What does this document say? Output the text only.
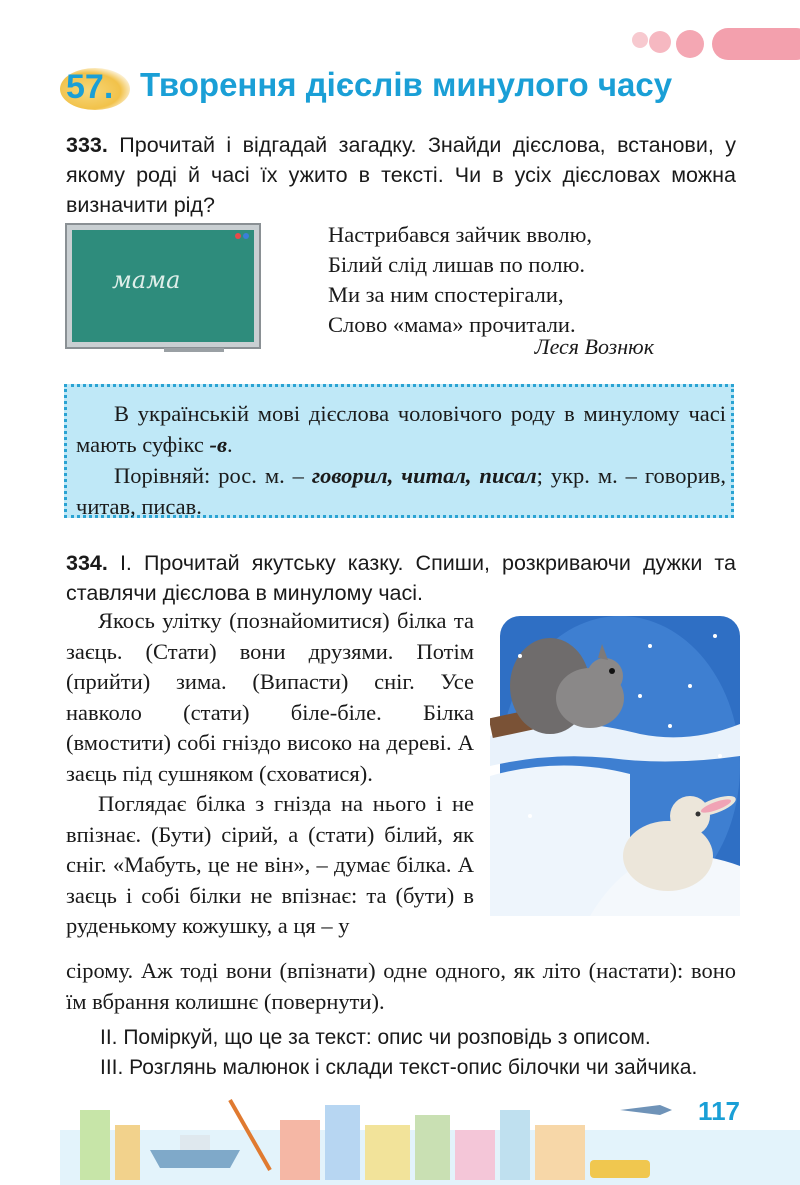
57. Творення дієслів минулого часу
333. Прочитай і відгадай загадку. Знайди дієслова, встанови, у якому роді й часі їх ужито в тексті. Чи в усіх дієсловах можна визначити рід?
мама
Настрибався зайчик вволю,
Білий слід лишав по полю.
Ми за ним спостерігали,
Слово «мама» прочитали.
Леся Вознюк

В українській мові дієслова чоловічого роду в минулому часі мають суфікс -в.

Порівняй: рос. м. – говорил, читал, писал; укр. м. – говорив, читав, писав.

334. I. Прочитай якутську казку. Спиши, розкриваючи дужки та ставлячи дієслова в минулому часі.

Якось улітку (познайомитися) білка та заєць. (Стати) вони друзями. Потім (прийти) зима. (Випасти) сніг. Усе навколо (стати) біле-біле. Білка (вмостити) собі гніздо високо на дереві. А заєць під сушняком (сховатися).

Поглядає білка з гнізда на нього і не впізнає. (Бути) сірий, а (стати) білий, як сніг. «Мабуть, це не він», – думає білка. А заєць і собі білки не впізнає: та (бути) в руденькому кожушку, а ця – у

сірому. Аж тоді вони (впізнати) одне одного, як літо (настати): воно їм вбрання колишнє (повернути).
II. Поміркуй, що це за текст: опис чи розповідь з описом.
III. Розглянь малюнок і склади текст-опис білочки чи зайчика.
117
